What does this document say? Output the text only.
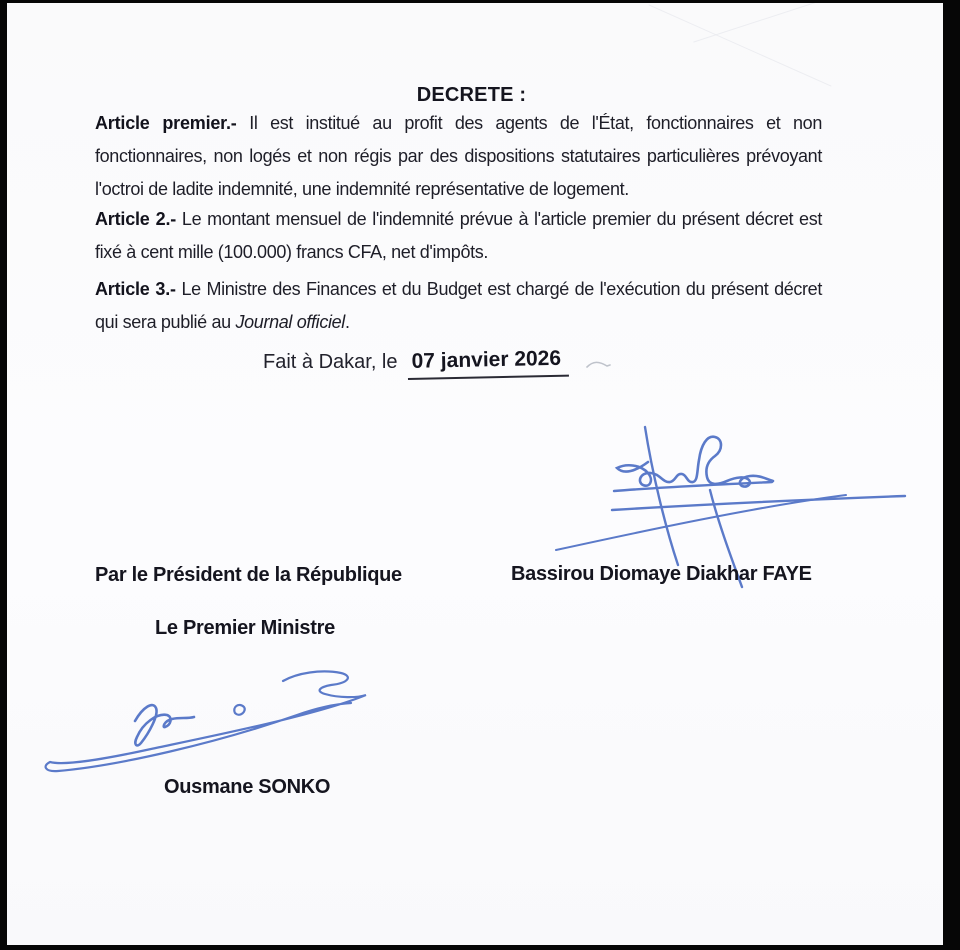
DECRETE :

Article premier.- Il est institué au profit des agents de l'État, fonctionnaires et non fonctionnaires, non logés et non régis par des dispositions statutaires particulières prévoyant l'octroi de ladite indemnité, une indemnité représentative de logement.

Article 2.- Le montant mensuel de l'indemnité prévue à l'article premier du présent décret est fixé à cent mille (100.000) francs CFA, net d'impôts.

Article 3.- Le Ministre des Finances et du Budget est chargé de l'exécution du présent décret qui sera publié au Journal officiel.

Fait à Dakar, le 07 janvier 2026

Par le Président de la République	Bassirou Diomaye Diakhar FAYE

Le Premier Ministre

Ousmane SONKO
